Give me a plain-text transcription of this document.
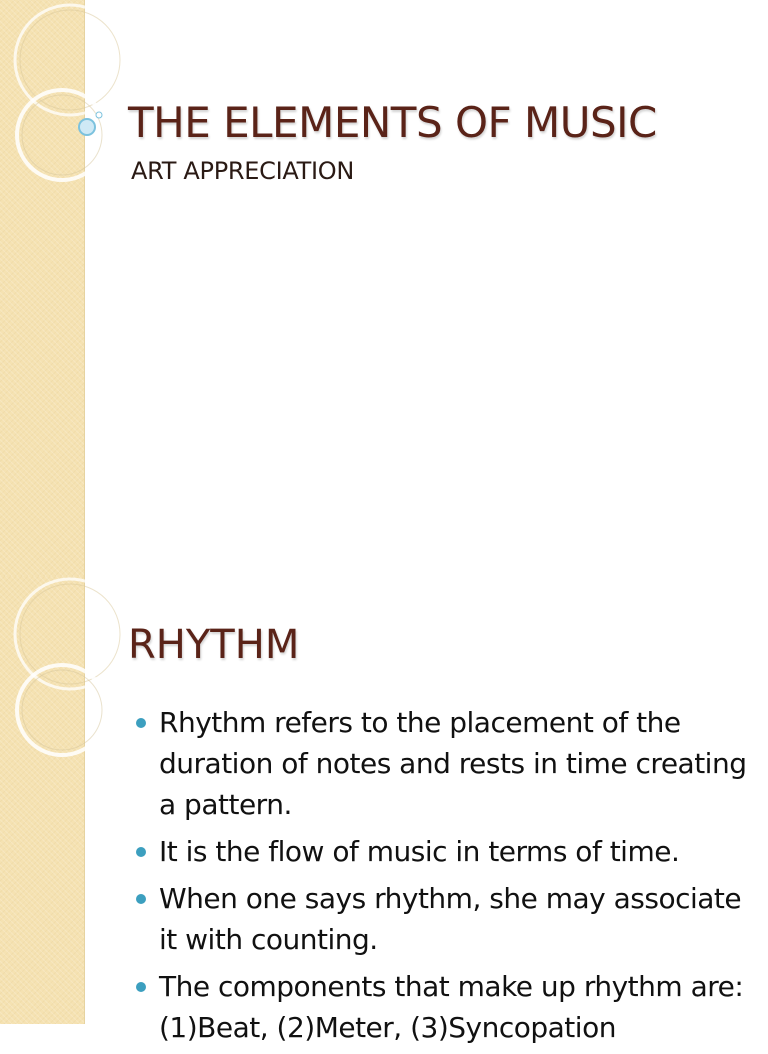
THE ELEMENTS OF MUSIC

ART APPRECIATION

RHYTHM
Rhythm refers to the placement of the duration of notes and rests in time creating a pattern.
It is the flow of music in terms of time.
When one says rhythm, she may associate it with counting.
The components that make up rhythm are: (1)Beat, (2)Meter, (3)Syncopation
